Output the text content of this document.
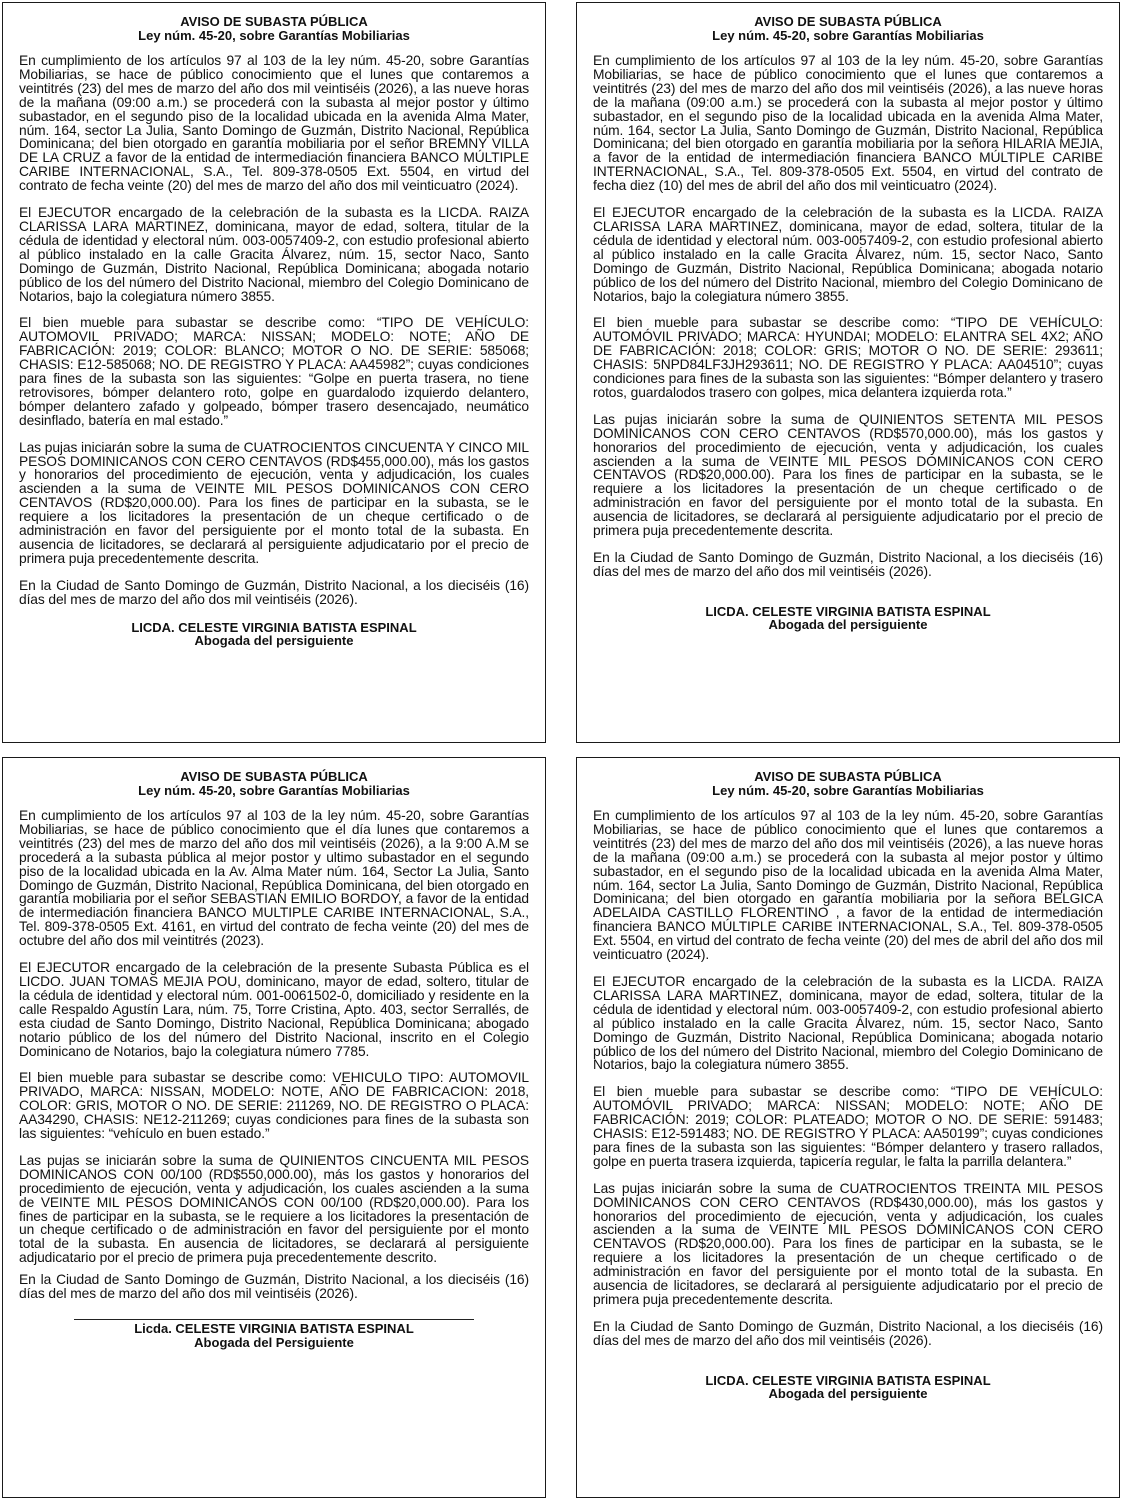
AVISO DE SUBASTA PÚBLICA
Ley núm. 45-20, sobre Garantías Mobiliarias

En cumplimiento de los artículos 97 al 103 de la ley núm. 45-20, sobre Garantías Mobiliarias, se hace de público conocimiento que el lunes que contaremos a veintitrés (23) del mes de marzo del año dos mil veintiséis (2026), a las nueve horas de la mañana (09:00 a.m.) se procederá con la subasta al mejor postor y último subastador, en el segundo piso de la localidad ubicada en la avenida Alma Mater, núm. 164, sector La Julia, Santo Domingo de Guzmán, Distrito Nacional, República Dominicana; del bien otorgado en garantía mobiliaria por el señor BREMNY VILLA DE LA CRUZ a favor de la entidad de intermediación financiera BANCO MÚLTIPLE CARIBE INTERNACIONAL, S.A., Tel. 809-378-0505 Ext. 5504, en virtud del contrato de fecha veinte (20) del mes de marzo del año dos mil veinticuatro (2024).

El EJECUTOR encargado de la celebración de la subasta es la LICDA. RAIZA CLARISSA LARA MARTINEZ, dominicana, mayor de edad, soltera, titular de la cédula de identidad y electoral núm. 003-0057409-2, con estudio profesional abierto al público instalado en la calle Gracita Álvarez, núm. 15, sector Naco, Santo Domingo de Guzmán, Distrito Nacional, República Dominicana; abogada notario público de los del número del Distrito Nacional, miembro del Colegio Dominicano de Notarios, bajo la colegiatura número 3855.

El bien mueble para subastar se describe como: “TIPO DE VEHÍCULO: AUTOMOVIL PRIVADO; MARCA: NISSAN; MODELO: NOTE; AÑO DE FABRICACIÓN: 2019; COLOR: BLANCO; MOTOR O NO. DE SERIE: 585068; CHASIS: E12-585068; NO. DE REGISTRO Y PLACA: AA45982”; cuyas condiciones para fines de la subasta son las siguientes: “Golpe en puerta trasera, no tiene retrovisores, bómper delantero roto, golpe en guardalodo izquierdo delantero, bómper delantero zafado y golpeado, bómper trasero desencajado, neumático desinflado, batería en mal estado.”

Las pujas iniciarán sobre la suma de CUATROCIENTOS CINCUENTA Y CINCO MIL PESOS DOMINICANOS CON CERO CENTAVOS (RD$455,000.00), más los gastos y honorarios del procedimiento de ejecución, venta y adjudicación, los cuales ascienden a la suma de VEINTE MIL PESOS DOMINICANOS CON CERO CENTAVOS (RD$20,000.00). Para los fines de participar en la subasta, se le requiere a los licitadores la presentación de un cheque certificado o de administración en favor del persiguiente por el monto total de la subasta. En ausencia de licitadores, se declarará al persiguiente adjudicatario por el precio de primera puja precedentemente descrita.

En la Ciudad de Santo Domingo de Guzmán, Distrito Nacional, a los dieciséis (16) días del mes de marzo del año dos mil veintiséis (2026).

LICDA. CELESTE VIRGINIA BATISTA ESPINAL
Abogada del persiguiente
AVISO DE SUBASTA PÚBLICA
Ley núm. 45-20, sobre Garantías Mobiliarias

En cumplimiento de los artículos 97 al 103 de la ley núm. 45-20, sobre Garantías Mobiliarias, se hace de público conocimiento que el lunes que contaremos a veintitrés (23) del mes de marzo del año dos mil veintiséis (2026), a las nueve horas de la mañana (09:00 a.m.) se procederá con la subasta al mejor postor y último subastador, en el segundo piso de la localidad ubicada en la avenida Alma Mater, núm. 164, sector La Julia, Santo Domingo de Guzmán, Distrito Nacional, República Dominicana; del bien otorgado en garantía mobiliaria por la señora HILARIA MEJIA, a favor de la entidad de intermediación financiera BANCO MÚLTIPLE CARIBE INTERNACIONAL, S.A., Tel. 809-378-0505 Ext. 5504, en virtud del contrato de fecha diez (10) del mes de abril del año dos mil veinticuatro (2024).

El EJECUTOR encargado de la celebración de la subasta es la LICDA. RAIZA CLARISSA LARA MARTINEZ, dominicana, mayor de edad, soltera, titular de la cédula de identidad y electoral núm. 003-0057409-2, con estudio profesional abierto al público instalado en la calle Gracita Álvarez, núm. 15, sector Naco, Santo Domingo de Guzmán, Distrito Nacional, República Dominicana; abogada notario público de los del número del Distrito Nacional, miembro del Colegio Dominicano de Notarios, bajo la colegiatura número 3855.

El bien mueble para subastar se describe como: “TIPO DE VEHÍCULO: AUTOMÓVIL PRIVADO; MARCA: HYUNDAI; MODELO: ELANTRA SEL 4X2; AÑO DE FABRICACIÓN: 2018; COLOR: GRIS; MOTOR O NO. DE SERIE: 293611; CHASIS: 5NPD84LF3JH293611; NO. DE REGISTRO Y PLACA: AA04510”; cuyas condiciones para fines de la subasta son las siguientes: “Bómper delantero y trasero rotos, guardalodos trasero con golpes, mica delantera izquierda rota.”

Las pujas iniciarán sobre la suma de QUINIENTOS SETENTA MIL PESOS DOMINICANOS CON CERO CENTAVOS (RD$570,000.00), más los gastos y honorarios del procedimiento de ejecución, venta y adjudicación, los cuales ascienden a la suma de VEINTE MIL PESOS DOMINICANOS CON CERO CENTAVOS (RD$20,000.00). Para los fines de participar en la subasta, se le requiere a los licitadores la presentación de un cheque certificado o de administración en favor del persiguiente por el monto total de la subasta. En ausencia de licitadores, se declarará al persiguiente adjudicatario por el precio de primera puja precedentemente descrita.

En la Ciudad de Santo Domingo de Guzmán, Distrito Nacional, a los dieciséis (16) días del mes de marzo del año dos mil veintiséis (2026).

LICDA. CELESTE VIRGINIA BATISTA ESPINAL
Abogada del persiguiente
AVISO DE SUBASTA PÚBLICA
Ley núm. 45-20, sobre Garantías Mobiliarias

En cumplimiento de los artículos 97 al 103 de la ley núm. 45-20, sobre Garantías Mobiliarias, se hace de público conocimiento que el día lunes que contaremos a veintitrés (23) del mes de marzo del año dos mil veintiséis (2026), a la 9:00 A.M se procederá a la subasta pública al mejor postor y ultimo subastador en el segundo piso de la localidad ubicada en la Av. Alma Mater núm. 164, Sector La Julia, Santo Domingo de Guzmán, Distrito Nacional, República Dominicana, del bien otorgado en garantía mobiliaria por el señor SEBASTIAN EMILIO BORDOY, a favor de la entidad de intermediación financiera BANCO MULTIPLE CARIBE INTERNACIONAL, S.A., Tel. 809-378-0505 Ext. 4161, en virtud del contrato de fecha veinte (20) del mes de octubre del año dos mil veintitrés (2023).

El EJECUTOR encargado de la celebración de la presente Subasta Pública es el LICDO. JUAN TOMAS MEJIA POU, dominicano, mayor de edad, soltero, titular de la cédula de identidad y electoral núm. 001-0061502-0, domiciliado y residente en la calle Respaldo Agustín Lara, núm. 75, Torre Cristina, Apto. 403, sector Serrallés, de esta ciudad de Santo Domingo, Distrito Nacional, República Dominicana; abogado notario público de los del número del Distrito Nacional, inscrito en el Colegio Dominicano de Notarios, bajo la colegiatura número 7785.

El bien mueble para subastar se describe como: VEHICULO TIPO: AUTOMOVIL PRIVADO, MARCA: NISSAN, MODELO: NOTE, AÑO DE FABRICACION: 2018, COLOR: GRIS, MOTOR O NO. DE SERIE: 211269, NO. DE REGISTRO O PLACA: AA34290, CHASIS: NE12-211269; cuyas condiciones para fines de la subasta son las siguientes: “vehículo en buen estado.”

Las pujas se iniciarán sobre la suma de QUINIENTOS CINCUENTA MIL PESOS DOMINICANOS CON 00/100 (RD$550,000.00), más los gastos y honorarios del procedimiento de ejecución, venta y adjudicación, los cuales ascienden a la suma de VEINTE MIL PESOS DOMINICANOS CON 00/100 (RD$20,000.00). Para los fines de participar en la subasta, se le requiere a los licitadores la presentación de un cheque certificado o de administración en favor del persiguiente por el monto total de la subasta. En ausencia de licitadores, se declarará al persiguiente adjudicatario por el precio de primera puja precedentemente descrito.

En la Ciudad de Santo Domingo de Guzmán, Distrito Nacional, a los dieciséis (16) días del mes de marzo del año dos mil veintiséis (2026).

Licda. CELESTE VIRGINIA BATISTA ESPINAL
Abogada del Persiguiente
AVISO DE SUBASTA PÚBLICA
Ley núm. 45-20, sobre Garantías Mobiliarias

En cumplimiento de los artículos 97 al 103 de la ley núm. 45-20, sobre Garantías Mobiliarias, se hace de público conocimiento que el lunes que contaremos a veintitrés (23) del mes de marzo del año dos mil veintiséis (2026), a las nueve horas de la mañana (09:00 a.m.) se procederá con la subasta al mejor postor y último subastador, en el segundo piso de la localidad ubicada en la avenida Alma Mater, núm. 164, sector La Julia, Santo Domingo de Guzmán, Distrito Nacional, República Dominicana; del bien otorgado en garantía mobiliaria por la señora BELGICA ADELAIDA CASTILLO FLORENTINO , a favor de la entidad de intermediación financiera BANCO MÚLTIPLE CARIBE INTERNACIONAL, S.A., Tel. 809-378-0505 Ext. 5504, en virtud del contrato de fecha veinte (20) del mes de abril del año dos mil veinticuatro (2024).

El EJECUTOR encargado de la celebración de la subasta es la LICDA. RAIZA CLARISSA LARA MARTINEZ, dominicana, mayor de edad, soltera, titular de la cédula de identidad y electoral núm. 003-0057409-2, con estudio profesional abierto al público instalado en la calle Gracita Álvarez, núm. 15, sector Naco, Santo Domingo de Guzmán, Distrito Nacional, República Dominicana; abogada notario público de los del número del Distrito Nacional, miembro del Colegio Dominicano de Notarios, bajo la colegiatura número 3855.

El bien mueble para subastar se describe como: “TIPO DE VEHÍCULO: AUTOMÓVIL PRIVADO; MARCA: NISSAN; MODELO: NOTE; AÑO DE FABRICACIÓN: 2019; COLOR: PLATEADO; MOTOR O NO. DE SERIE: 591483; CHASIS: E12-591483; NO. DE REGISTRO Y PLACA: AA50199”; cuyas condiciones para fines de la subasta son las siguientes: “Bómper delantero y trasero rallados, golpe en puerta trasera izquierda, tapicería regular, le falta la parrilla delantera.”

Las pujas iniciarán sobre la suma de CUATROCIENTOS TREINTA MIL PESOS DOMINICANOS CON CERO CENTAVOS (RD$430,000.00), más los gastos y honorarios del procedimiento de ejecución, venta y adjudicación, los cuales ascienden a la suma de VEINTE MIL PESOS DOMINICANOS CON CERO CENTAVOS (RD$20,000.00). Para los fines de participar en la subasta, se le requiere a los licitadores la presentación de un cheque certificado o de administración en favor del persiguiente por el monto total de la subasta. En ausencia de licitadores, se declarará al persiguiente adjudicatario por el precio de primera puja precedentemente descrita.

En la Ciudad de Santo Domingo de Guzmán, Distrito Nacional, a los dieciséis (16) días del mes de marzo del año dos mil veintiséis (2026).

LICDA. CELESTE VIRGINIA BATISTA ESPINAL
Abogada del persiguiente
